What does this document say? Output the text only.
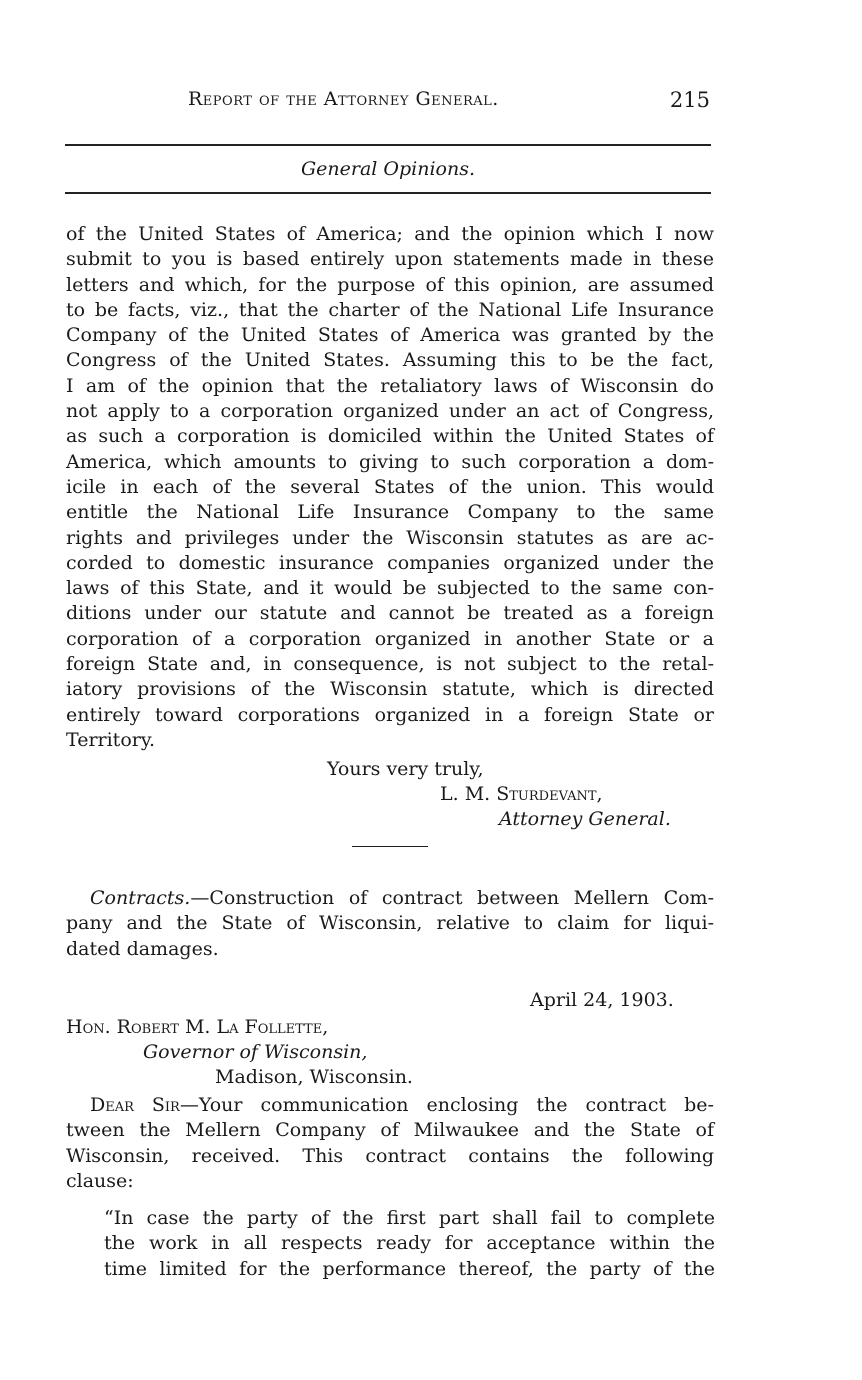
Report of the Attorney General.	215
General Opinions.
of the United States of America; and the opinion which I now
submit to you is based entirely upon statements made in these
letters and which, for the purpose of this opinion, are assumed
to be facts, viz., that the charter of the National Life Insurance
Company of the United States of America was granted by the
Congress of the United States. Assuming this to be the fact,
I am of the opinion that the retaliatory laws of Wisconsin do
not apply to a corporation organized under an act of Congress,
as such a corporation is domiciled within the United States of
America, which amounts to giving to such corporation a dom-
icile in each of the several States of the union. This would
entitle the National Life Insurance Company to the same
rights and privileges under the Wisconsin statutes as are ac-
corded to domestic insurance companies organized under the
laws of this State, and it would be subjected to the same con-
ditions under our statute and cannot be treated as a foreign
corporation of a corporation organized in another State or a
foreign State and, in consequence, is not subject to the retal-
iatory provisions of the Wisconsin statute, which is directed
entirely toward corporations organized in a foreign State or
Territory.
Yours very truly,
L. M. Sturdevant,
Attorney General.
Contracts.—Construction of contract between Mellern Com-
pany and the State of Wisconsin, relative to claim for liqui-
dated damages.
April 24, 1903.
Hon. Robert M. La Follette,
Governor of Wisconsin,
Madison, Wisconsin.
Dear Sir—Your communication enclosing the contract be-
tween the Mellern Company of Milwaukee and the State of
Wisconsin, received. This contract contains the following
clause:
“In case the party of the first part shall fail to complete
the work in all respects ready for acceptance within the
time limited for the performance thereof, the party of the
